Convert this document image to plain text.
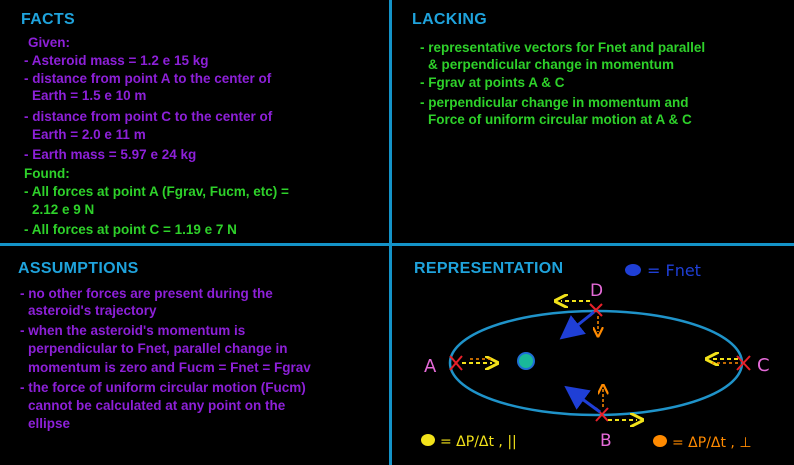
FACTS
Given:
- Asteroid mass = 1.2 e 15 kg
- distance from point A to the center of
Earth = 1.5 e 10 m
- distance from point C to the center of
Earth = 2.0 e 11 m
- Earth mass = 5.97 e 24 kg
Found:
- All forces at point A (Fgrav, Fucm, etc) =
2.12 e 9 N
- All forces at point C = 1.19 e 7 N
LACKING
- representative vectors for Fnet and parallel
& perpendicular change in momentum
- Fgrav at points A & C
- perpendicular change in momentum and
Force of uniform circular motion at A & C
ASSUMPTIONS
- no other forces are present during the
asteroid's trajectory
- when the asteroid's momentum is
perpendicular to Fnet, parallel change in
momentum is zero and Fucm = Fnet = Fgrav
- the force of uniform circular motion (Fucm)
cannot be calculated at any point on the
ellipse
REPRESENTATION	= Fnet
A	C
D
B
= ΔP/Δt , ||	= ΔP/Δt , ⊥
